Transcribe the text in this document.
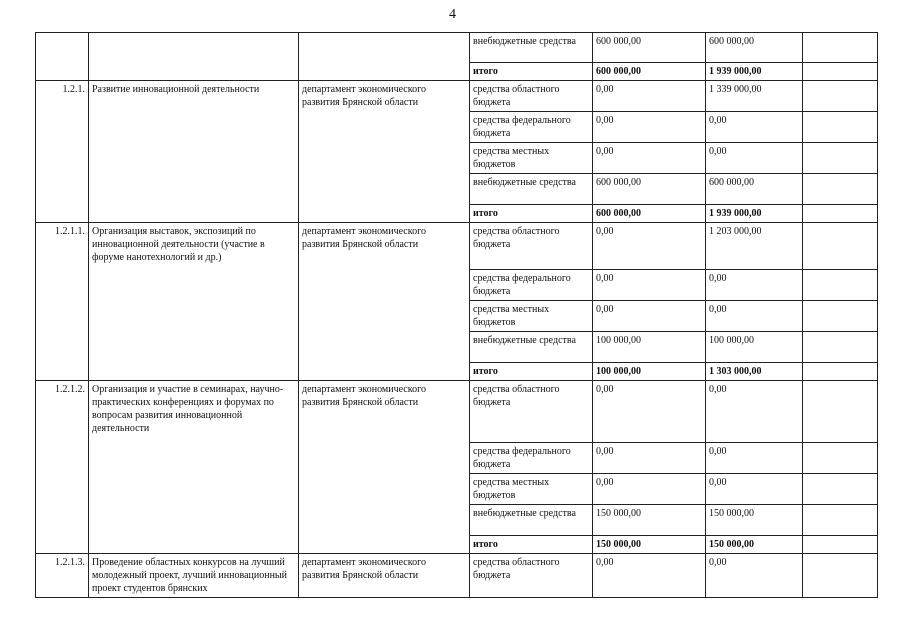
4
			внебюджетные средства	600 000,00	600 000,00	
			итого	600 000,00	1 939 000,00	
1.2.1.	Развитие инновационной деятельности	департамент экономического развития Брянской области	средства областного бюджета	0,00	1 339 000,00	
			средства федерального бюджета	0,00	0,00	
			средства местных бюджетов	0,00	0,00	
			внебюджетные средства	600 000,00	600 000,00	
			итого	600 000,00	1 939 000,00	
1.2.1.1.	Организация выставок, экспозиций по инновационной деятельности (участие в форуме нанотехнологий и др.)	департамент экономического развития Брянской области	средства областного бюджета	0,00	1 203 000,00	
			средства федерального бюджета	0,00	0,00	
			средства местных бюджетов	0,00	0,00	
			внебюджетные средства	100 000,00	100 000,00	
			итого	100 000,00	1 303 000,00	
1.2.1.2.	Организация и участие в семинарах, научно-практических конференциях и форумах по вопросам развития инновационной деятельности	департамент экономического развития Брянской области	средства областного бюджета	0,00	0,00	
			средства федерального бюджета	0,00	0,00	
			средства местных бюджетов	0,00	0,00	
			внебюджетные средства	150 000,00	150 000,00	
			итого	150 000,00	150 000,00	
1.2.1.3.	Проведение областных конкурсов на лучший молодежный проект, лучший инновационный проект студентов брянских	департамент экономического развития Брянской области	средства областного бюджета	0,00	0,00	
